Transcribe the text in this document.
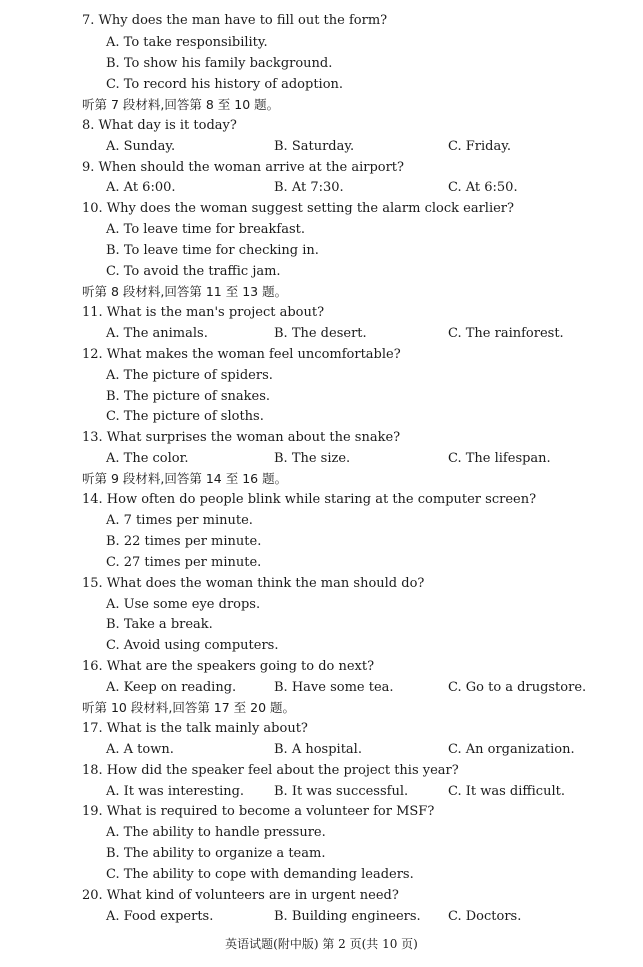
7. Why does the man have to fill out the form?
A. To take responsibility.
B. To show his family background.
C. To record his history of adoption.
听第 7 段材料,回答第 8 至 10 题。
8. What day is it today?
A. Sunday.	B. Saturday.	C. Friday.
9. When should the woman arrive at the airport?
A. At 6:00.	B. At 7:30.	C. At 6:50.
10. Why does the woman suggest setting the alarm clock earlier?
A. To leave time for breakfast.
B. To leave time for checking in.
C. To avoid the traffic jam.
听第 8 段材料,回答第 11 至 13 题。
11. What is the man's project about?
A. The animals.	B. The desert.	C. The rainforest.
12. What makes the woman feel uncomfortable?
A. The picture of spiders.
B. The picture of snakes.
C. The picture of sloths.
13. What surprises the woman about the snake?
A. The color.	B. The size.	C. The lifespan.
听第 9 段材料,回答第 14 至 16 题。
14. How often do people blink while staring at the computer screen?
A. 7 times per minute.
B. 22 times per minute.
C. 27 times per minute.
15. What does the woman think the man should do?
A. Use some eye drops.
B. Take a break.
C. Avoid using computers.
16. What are the speakers going to do next?
A. Keep on reading.	B. Have some tea.	C. Go to a drugstore.
听第 10 段材料,回答第 17 至 20 题。
17. What is the talk mainly about?
A. A town.	B. A hospital.	C. An organization.
18. How did the speaker feel about the project this year?
A. It was interesting. B. It was successful.	C. It was difficult.
19. What is required to become a volunteer for MSF?
A. The ability to handle pressure.
B. The ability to organize a team.
C. The ability to cope with demanding leaders.
20. What kind of volunteers are in urgent need?
A. Food experts.	B. Building engineers. C. Doctors.
英语试题(附中版) 第 2 页(共 10 页)
